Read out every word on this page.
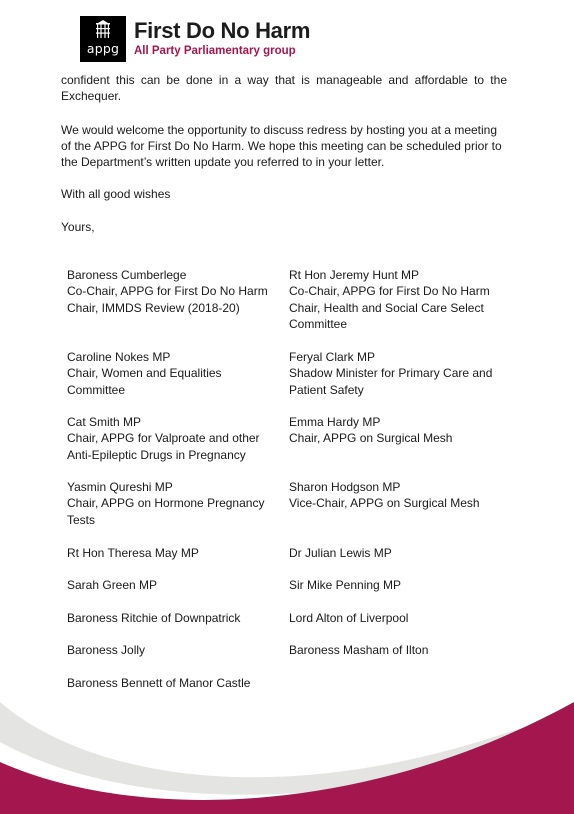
appg
First Do No Harm
All Party Parliamentary group

confident this can be done in a way that is manageable and affordable to the Exchequer.

We would welcome the opportunity to discuss redress by hosting you at a meeting of the APPG for First Do No Harm. We hope this meeting can be scheduled prior to the Department’s written update you referred to in your letter.

With all good wishes

Yours,

Baroness Cumberlege
Co-Chair, APPG for First Do No Harm
Chair, IMMDS Review (2018-20)
Caroline Nokes MP
Chair, Women and Equalities Committee
Cat Smith MP
Chair, APPG for Valproate and other Anti-Epileptic Drugs in Pregnancy
Yasmin Qureshi MP
Chair, APPG on Hormone Pregnancy Tests
Rt Hon Theresa May MP
Sarah Green MP
Baroness Ritchie of Downpatrick
Baroness Jolly
Baroness Bennett of Manor Castle
Rt Hon Jeremy Hunt MP
Co-Chair, APPG for First Do No Harm
Chair, Health and Social Care Select Committee
Feryal Clark MP
Shadow Minister for Primary Care and Patient Safety
Emma Hardy MP
Chair, APPG on Surgical Mesh
Sharon Hodgson MP
Vice-Chair, APPG on Surgical Mesh
Dr Julian Lewis MP
Sir Mike Penning MP
Lord Alton of Liverpool
Baroness Masham of Ilton
